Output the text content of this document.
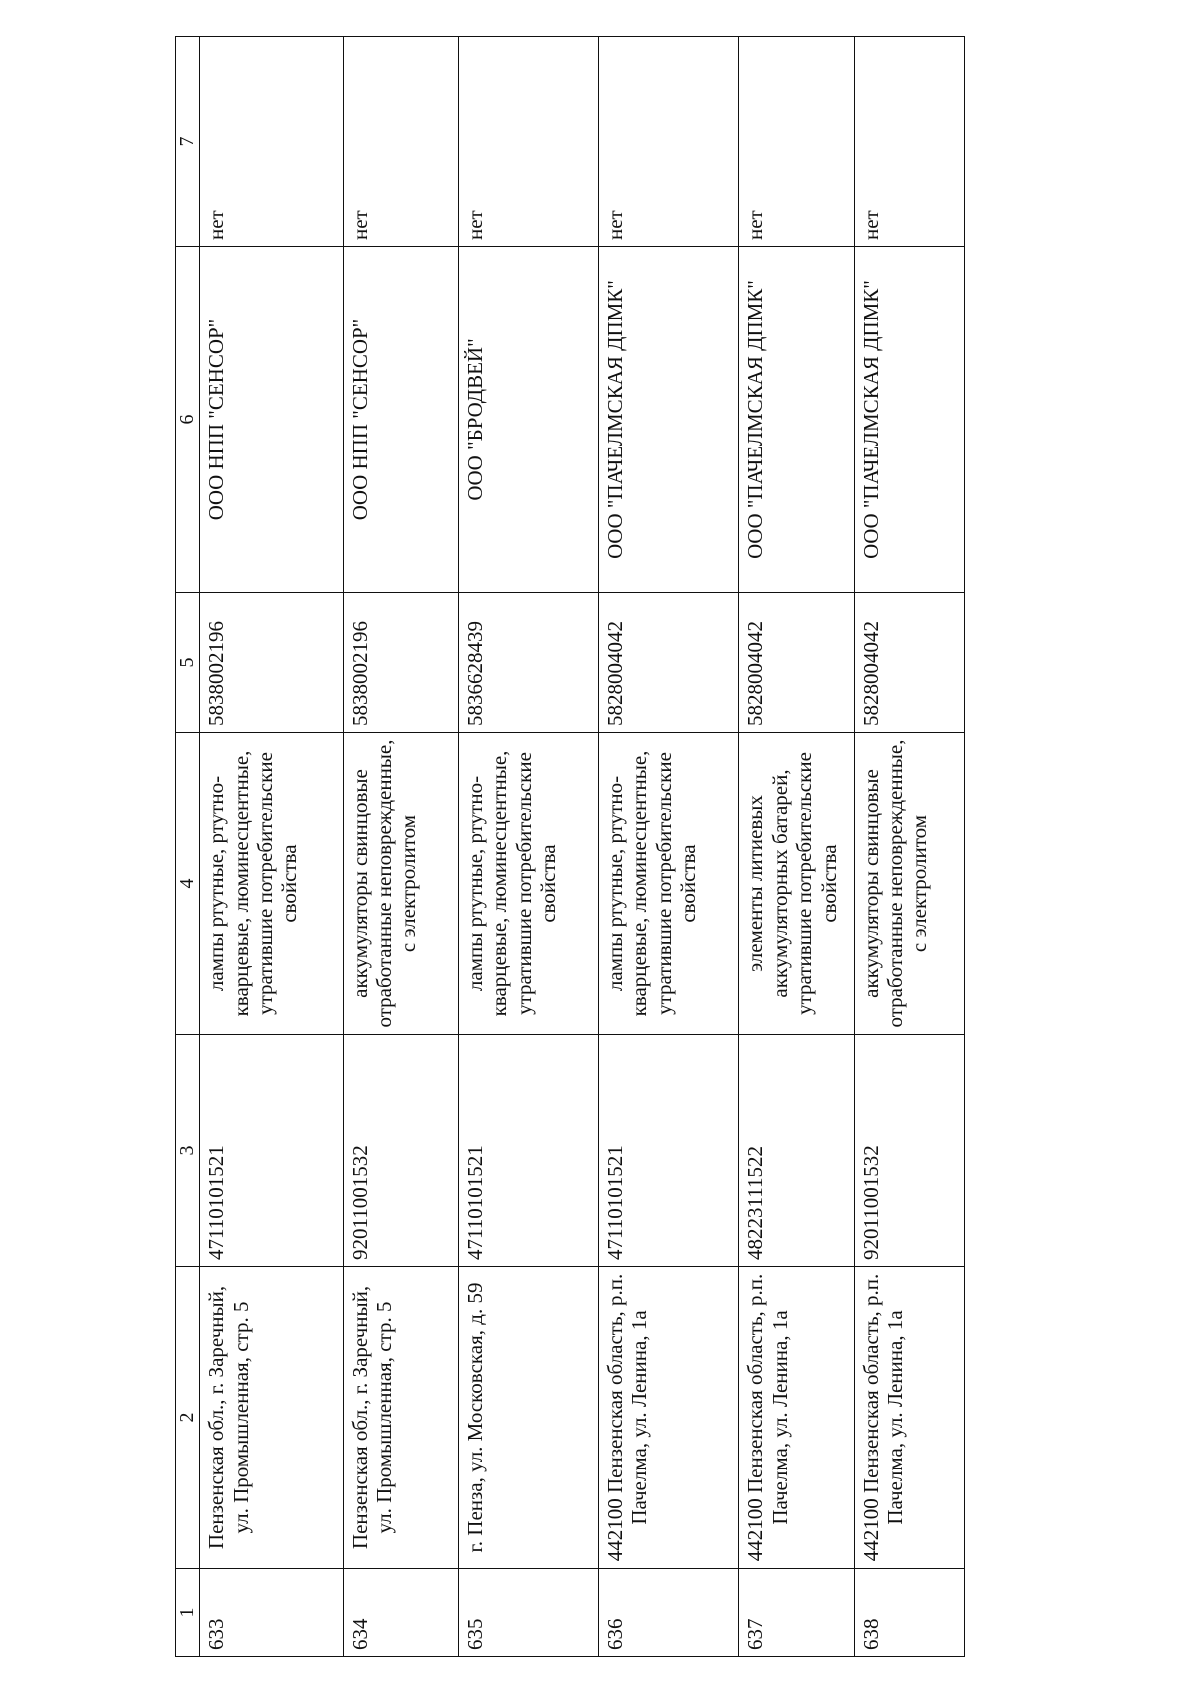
1	2	3	4	5	6	7
633	Пензенская обл., г. Заречный, ул. Промышленная, стр. 5	47110101521	лампы ртутные, ртутно-кварцевые, люминесцентные, утратившие потребительские свойства	5838002196	ООО НПП "СЕНСОР"	нет
634	Пензенская обл., г. Заречный, ул. Промышленная, стр. 5	92011001532	аккумуляторы свинцовые отработанные неповрежденные, с электролитом	5838002196	ООО НПП "СЕНСОР"	нет
635	г. Пенза, ул. Московская, д. 59	47110101521	лампы ртутные, ртутно-кварцевые, люминесцентные, утратившие потребительские свойства	5836628439	ООО "БРОДВЕЙ"	нет
636	442100 Пензенская область, р.п. Пачелма, ул. Ленина, 1а	47110101521	лампы ртутные, ртутно-кварцевые, люминесцентные, утратившие потребительские свойства	5828004042	ООО "ПАЧЕЛМСКАЯ ДПМК"	нет
637	442100 Пензенская область, р.п. Пачелма, ул. Ленина, 1а	48223111522	элементы литиевых аккумуляторных батарей, утратившие потребительские свойства	5828004042	ООО "ПАЧЕЛМСКАЯ ДПМК"	нет
638	442100 Пензенская область, р.п. Пачелма, ул. Ленина, 1а	92011001532	аккумуляторы свинцовые отработанные неповрежденные, с электролитом	5828004042	ООО "ПАЧЕЛМСКАЯ ДПМК"	нет
